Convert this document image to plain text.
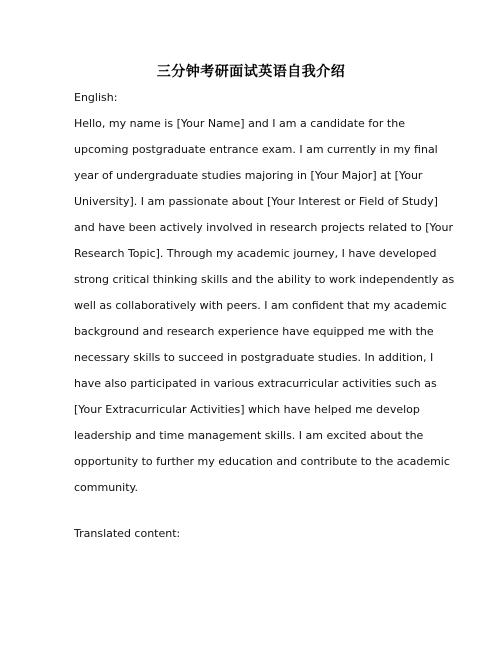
三分钟考研面试英语自我介绍
English:
Hello, my name is [Your Name] and I am a candidate for the
upcoming postgraduate entrance exam. I am currently in my final
year of undergraduate studies majoring in [Your Major] at [Your
University]. I am passionate about [Your Interest or Field of Study]
and have been actively involved in research projects related to [Your
Research Topic]. Through my academic journey, I have developed
strong critical thinking skills and the ability to work independently as
well as collaboratively with peers. I am confident that my academic
background and research experience have equipped me with the
necessary skills to succeed in postgraduate studies. In addition, I
have also participated in various extracurricular activities such as
[Your Extracurricular Activities] which have helped me develop
leadership and time management skills. I am excited about the
opportunity to further my education and contribute to the academic
community.
Translated content:
